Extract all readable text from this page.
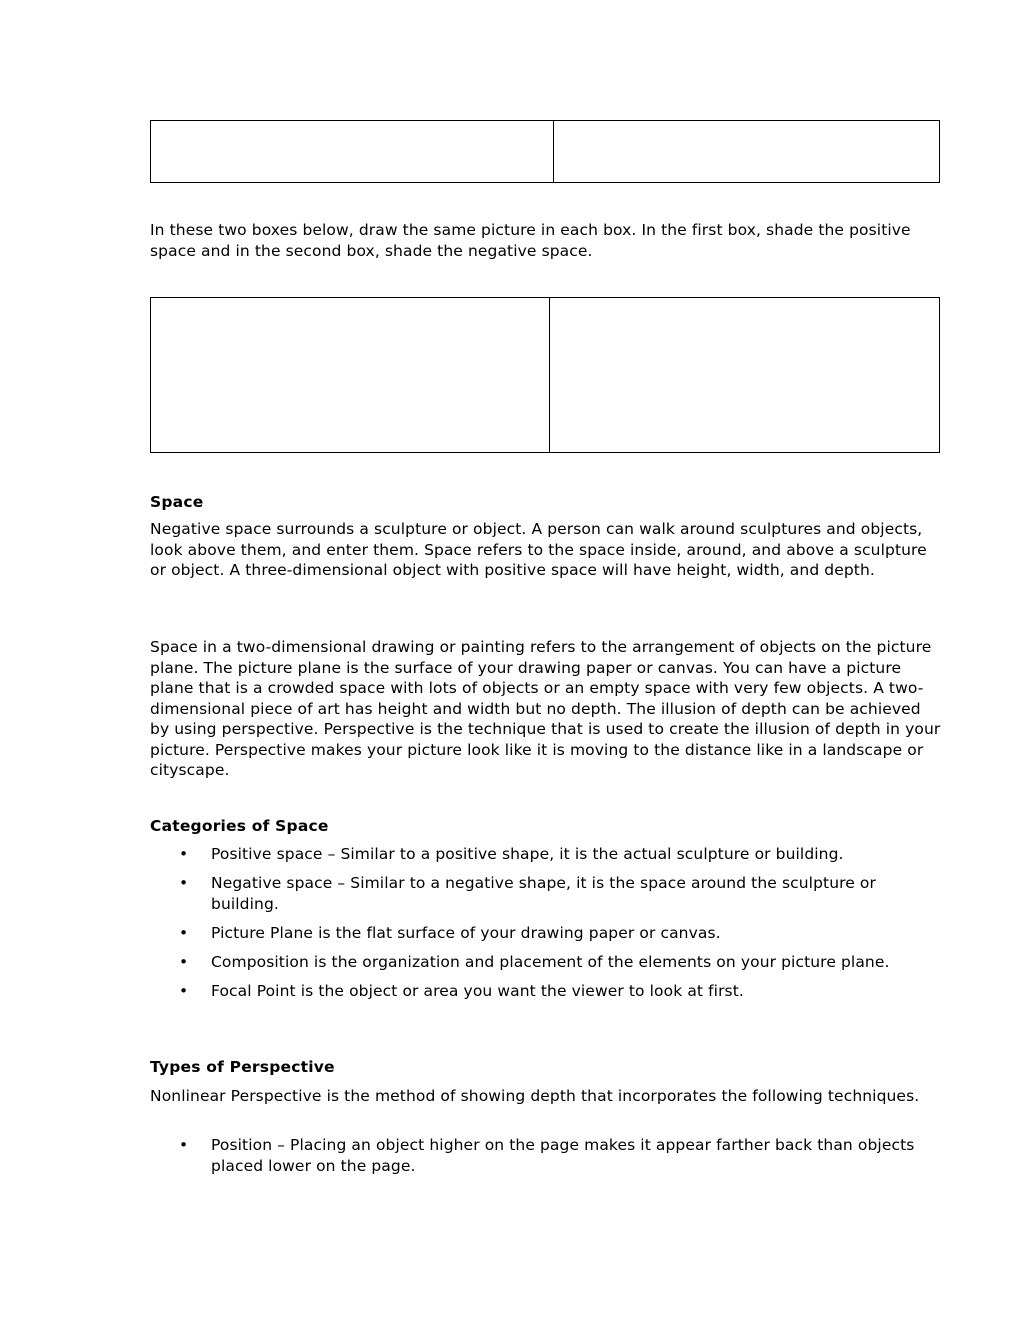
In these two boxes below, draw the same picture in each box. In the first box, shade the positive space and in the second box, shade the negative space.
Space
Negative space surrounds a sculpture or object. A person can walk around sculptures and objects, look above them, and enter them. Space refers to the space inside, around, and above a sculpture or object. A three-dimensional object with positive space will have height, width, and depth.
Space in a two-dimensional drawing or painting refers to the arrangement of objects on the picture plane. The picture plane is the surface of your drawing paper or canvas. You can have a picture plane that is a crowded space with lots of objects or an empty space with very few objects. A two-dimensional piece of art has height and width but no depth. The illusion of depth can be achieved by using perspective. Perspective is the technique that is used to create the illusion of depth in your picture. Perspective makes your picture look like it is moving to the distance like in a landscape or cityscape.
Categories of Space
• Positive space – Similar to a positive shape, it is the actual sculpture or building.
• Negative space – Similar to a negative shape, it is the space around the sculpture or building.
• Picture Plane is the flat surface of your drawing paper or canvas.
• Composition is the organization and placement of the elements on your picture plane.
• Focal Point is the object or area you want the viewer to look at first.
Types of Perspective
Nonlinear Perspective is the method of showing depth that incorporates the following techniques.
• Position – Placing an object higher on the page makes it appear farther back than objects placed lower on the page.
